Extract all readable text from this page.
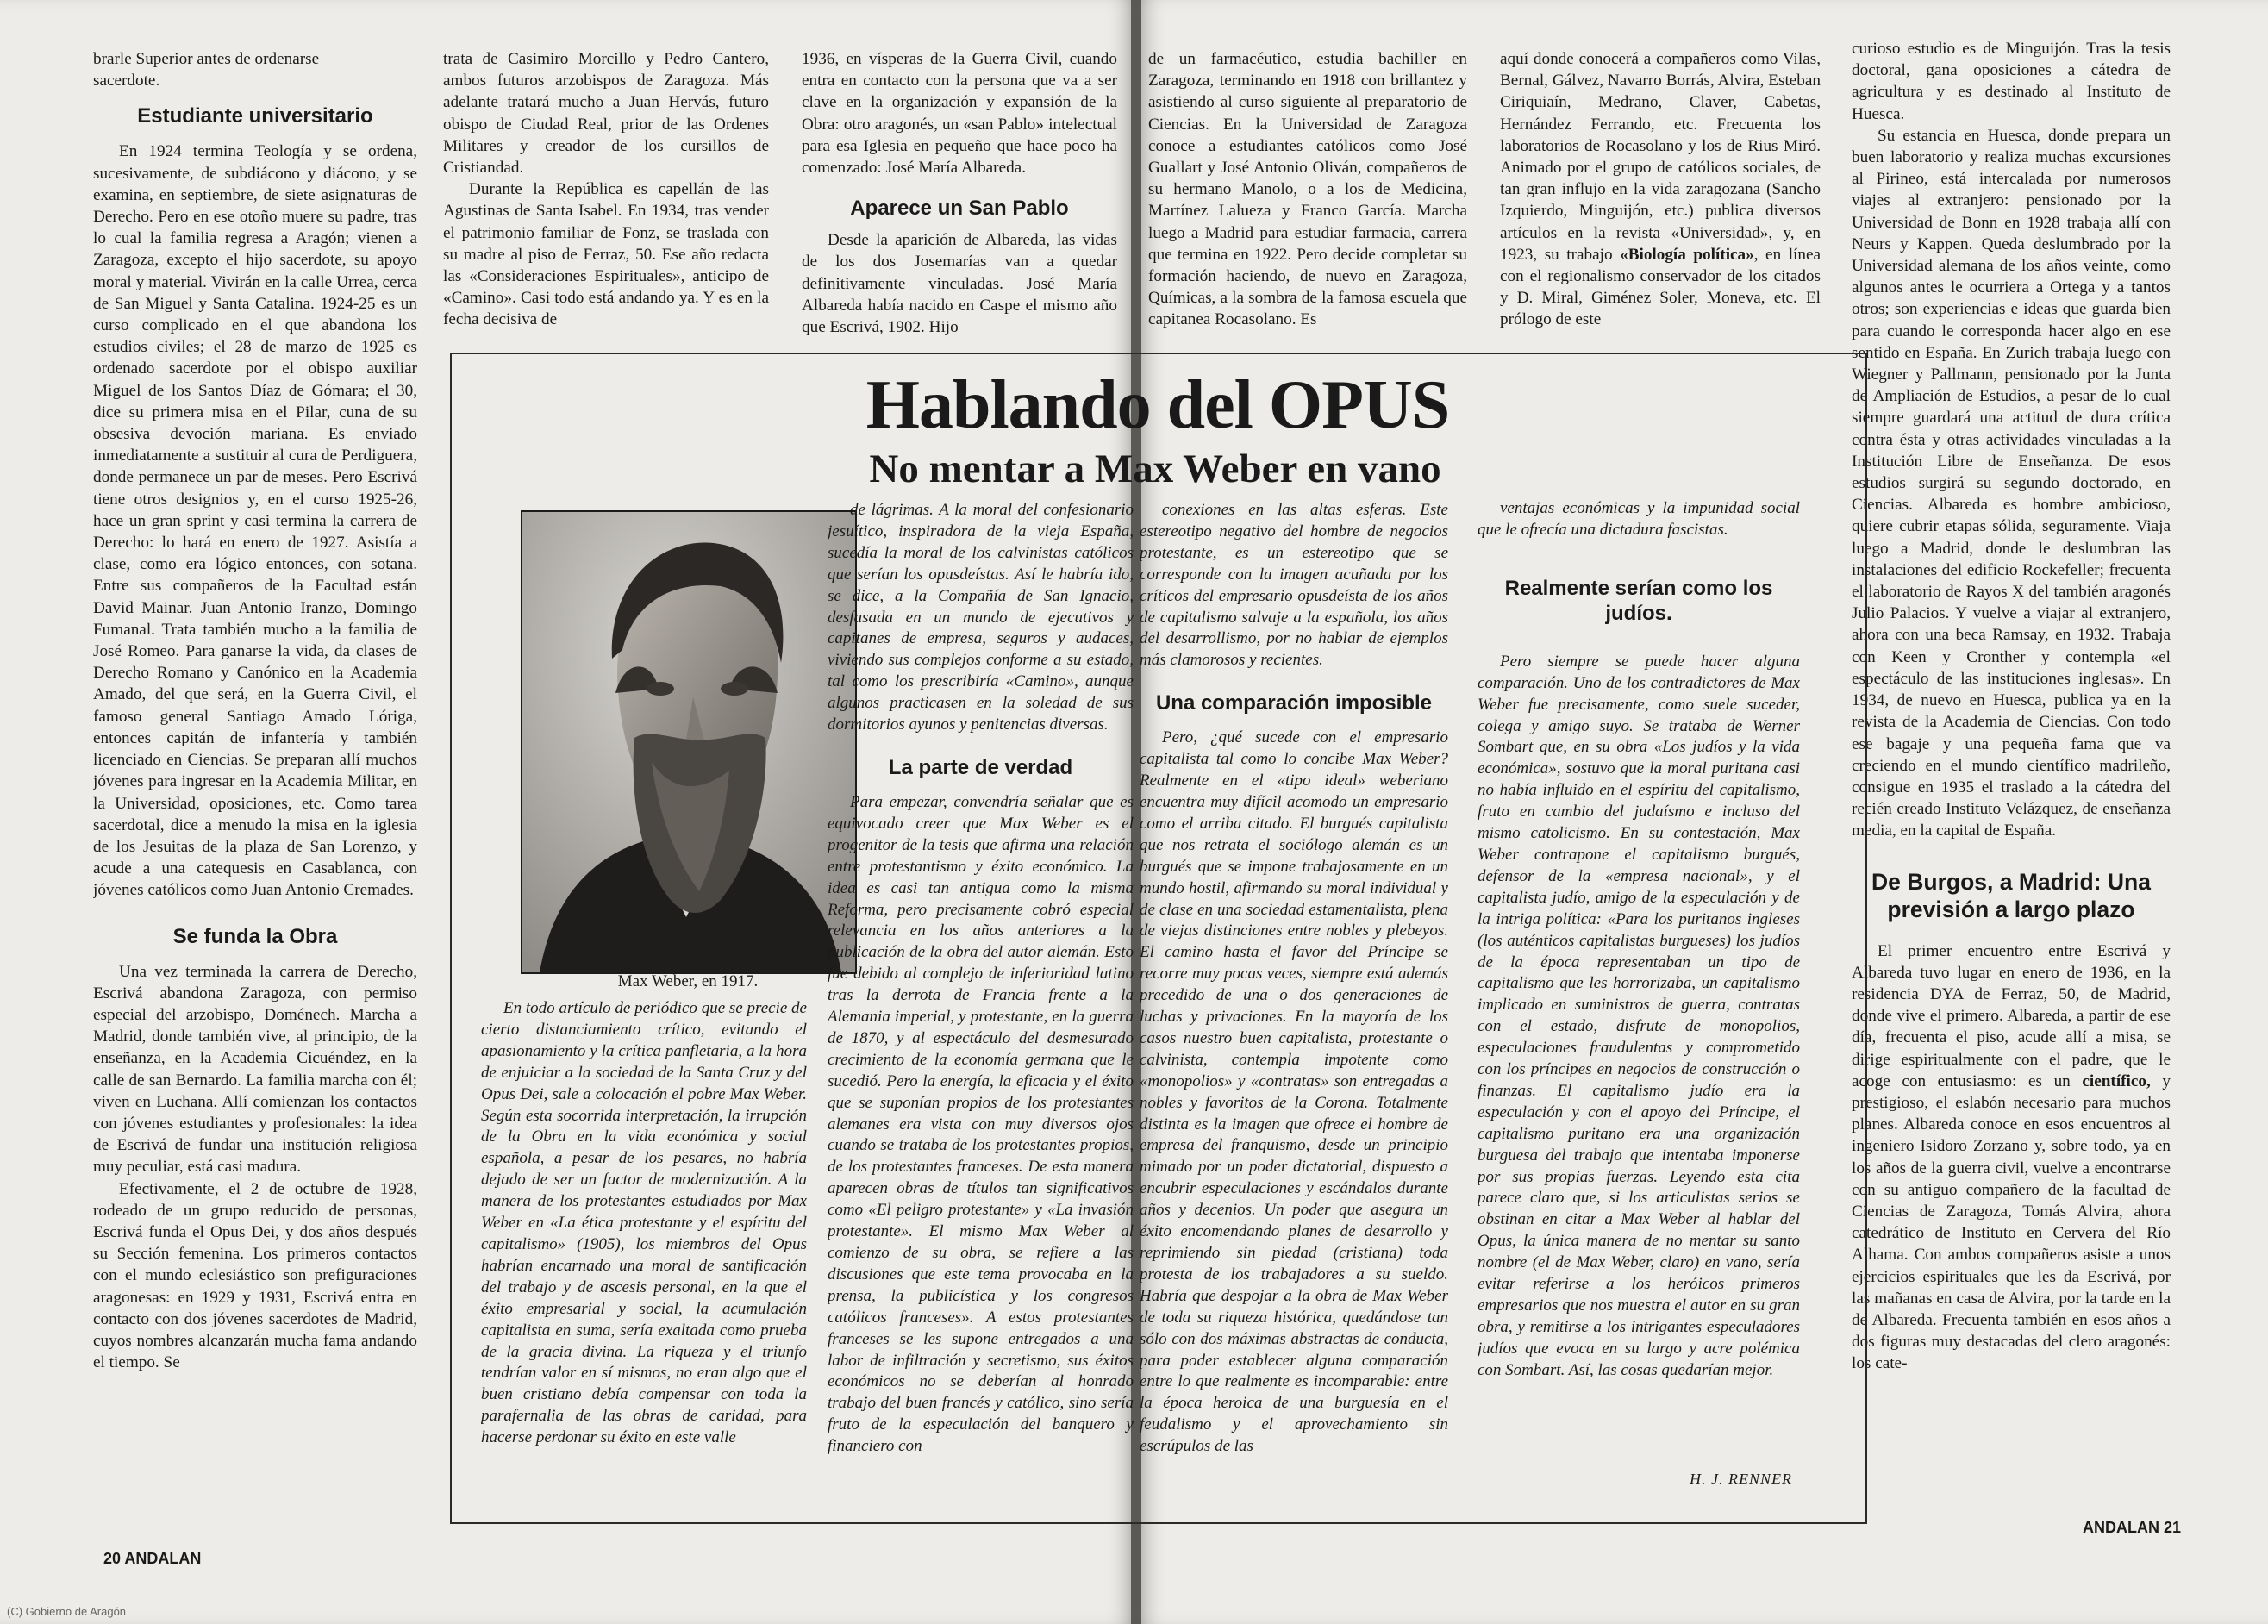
brarle Superior antes de ordenarse

sacerdote.

Estudiante universitario

En 1924 termina Teología y se ordena, sucesivamente, de subdiácono y diácono, y se examina, en septiembre, de siete asignaturas de Derecho. Pero en ese otoño muere su padre, tras lo cual la familia regresa a Aragón; vienen a Zaragoza, excepto el hijo sacerdote, su apoyo moral y material. Vivirán en la calle Urrea, cerca de San Miguel y Santa Catalina. 1924-25 es un curso complicado en el que abandona los estudios civiles; el 28 de marzo de 1925 es ordenado sacerdote por el obispo auxiliar Miguel de los Santos Díaz de Gómara; el 30, dice su primera misa en el Pilar, cuna de su obsesiva devoción mariana. Es enviado inmediatamente a sustituir al cura de Perdiguera, donde permanece un par de meses. Pero Escrivá tiene otros designios y, en el curso 1925-26, hace un gran sprint y casi termina la carrera de Derecho: lo hará en enero de 1927. Asistía a clase, como era lógico entonces, con sotana. Entre sus compañeros de la Facultad están David Mainar. Juan Antonio Iranzo, Domingo Fumanal. Trata también mucho a la familia de José Romeo. Para ganarse la vida, da clases de Derecho Romano y Canónico en la Academia Amado, del que será, en la Guerra Civil, el famoso general Santiago Amado Lóriga, entonces capitán de infantería y también licenciado en Ciencias. Se preparan allí muchos jóvenes para ingresar en la Academia Militar, en la Universidad, oposiciones, etc. Como tarea sacerdotal, dice a menudo la misa en la iglesia de los Jesuitas de la plaza de San Lorenzo, y acude a una catequesis en Casablanca, con jóvenes católicos como Juan Antonio Cremades.

Se funda la Obra

Una vez terminada la carrera de Derecho, Escrivá abandona Zaragoza, con permiso especial del arzobispo, Doménech. Marcha a Madrid, donde también vive, al principio, de la enseñanza, en la Academia Cicuéndez, en la calle de san Bernardo. La familia marcha con él; viven en Luchana. Allí comienzan los contactos con jóvenes estudiantes y profesionales: la idea de Escrivá de fundar una institución religiosa muy peculiar, está casi madura.

Efectivamente, el 2 de octubre de 1928, rodeado de un grupo reducido de personas, Escrivá funda el Opus Dei, y dos años después su Sección femenina. Los primeros contactos con el mundo eclesiástico son prefiguraciones aragonesas: en 1929 y 1931, Escrivá entra en contacto con dos jóvenes sacerdotes de Madrid, cuyos nombres alcanzarán mucha fama andando el tiempo. Se

trata de Casimiro Morcillo y Pedro Cantero, ambos futuros arzobispos de Zaragoza. Más adelante tratará mucho a Juan Hervás, futuro obispo de Ciudad Real, prior de las Ordenes Militares y creador de los cursillos de Cristiandad.

Durante la República es capellán de las Agustinas de Santa Isabel. En 1934, tras vender el patrimonio familiar de Fonz, se traslada con su madre al piso de Ferraz, 50. Ese año redacta las «Consideraciones Espirituales», anticipo de «Camino». Casi todo está andando ya. Y es en la fecha decisiva de

1936, en vísperas de la Guerra Civil, cuando entra en contacto con la persona que va a ser clave en la organización y expansión de la Obra: otro aragonés, un «san Pablo» intelectual para esa Iglesia en pequeño que hace poco ha comenzado: José María Albareda.

Aparece un San Pablo

Desde la aparición de Albareda, las vidas de los dos Josemarías van a quedar definitivamente vinculadas. José María Albareda había nacido en Caspe el mismo año que Escrivá, 1902. Hijo

de un farmacéutico, estudia bachiller en Zaragoza, terminando en 1918 con brillantez y asistiendo al curso siguiente al preparatorio de Ciencias. En la Universidad de Zaragoza conoce a estudiantes católicos como José Guallart y José Antonio Oliván, compañeros de su hermano Manolo, o a los de Medicina, Martínez Lalueza y Franco García. Marcha luego a Madrid para estudiar farmacia, carrera que termina en 1922. Pero decide completar su formación haciendo, de nuevo en Zaragoza, Químicas, a la sombra de la famosa escuela que capitanea Rocasolano. Es

aquí donde conocerá a compañeros como Vilas, Bernal, Gálvez, Navarro Borrás, Alvira, Esteban Ciriquiaín, Medrano, Claver, Cabetas, Hernández Ferrando, etc. Frecuenta los laboratorios de Rocasolano y los de Rius Miró. Animado por el grupo de católicos sociales, de tan gran influjo en la vida zaragozana (Sancho Izquierdo, Minguijón, etc.) publica diversos artículos en la revista «Universidad», y, en 1923, su trabajo «Biología política», en línea con el regionalismo conservador de los citados y D. Miral, Giménez Soler, Moneva, etc. El prólogo de este

curioso estudio es de Minguijón. Tras la tesis doctoral, gana oposiciones a cátedra de agricultura y es destinado al Instituto de Huesca.

Su estancia en Huesca, donde prepara un buen laboratorio y realiza muchas excursiones al Pirineo, está intercalada por numerosos viajes al extranjero: pensionado por la Universidad de Bonn en 1928 trabaja allí con Neurs y Kappen. Queda deslumbrado por la Universidad alemana de los años veinte, como algunos antes le ocurriera a Ortega y a tantos otros; son experiencias e ideas que guarda bien para cuando le corresponda hacer algo en ese sentido en España. En Zurich trabaja luego con Wiegner y Pallmann, pensionado por la Junta de Ampliación de Estudios, a pesar de lo cual siempre guardará una actitud de dura crítica contra ésta y otras actividades vinculadas a la Institución Libre de Enseñanza. De esos estudios surgirá su segundo doctorado, en Ciencias. Albareda es hombre ambicioso, quiere cubrir etapas sólida, seguramente. Viaja luego a Madrid, donde le deslumbran las instalaciones del edificio Rockefeller; frecuenta el laboratorio de Rayos X del también aragonés Julio Palacios. Y vuelve a viajar al extranjero, ahora con una beca Ramsay, en 1932. Trabaja con Keen y Cronther y contempla «el espectáculo de las instituciones inglesas». En 1934, de nuevo en Huesca, publica ya en la revista de la Academia de Ciencias. Con todo ese bagaje y una pequeña fama que va creciendo en el mundo científico madrileño, consigue en 1935 el traslado a la cátedra del recién creado Instituto Velázquez, de enseñanza media, en la capital de España.

De Burgos, a Madrid: Una previsión a largo plazo

El primer encuentro entre Escrivá y Albareda tuvo lugar en enero de 1936, en la residencia DYA de Ferraz, 50, de Madrid, donde vive el primero. Albareda, a partir de ese día, frecuenta el piso, acude allí a misa, se dirige espiritualmente con el padre, que le acoge con entusiasmo: es un científico, y prestigioso, el eslabón necesario para muchos planes. Albareda conoce en esos encuentros al ingeniero Isidoro Zorzano y, sobre todo, ya en los años de la guerra civil, vuelve a encontrarse con su antiguo compañero de la facultad de Ciencias de Zaragoza, Tomás Alvira, ahora catedrático de Instituto en Cervera del Río Alhama. Con ambos compañeros asiste a unos ejercicios espirituales que les da Escrivá, por las mañanas en casa de Alvira, por la tarde en la de Albareda. Frecuenta también en esos años a dos figuras muy destacadas del clero aragonés: los cate-

Hablando del OPUS
No mentar a Max Weber en vano
Max Weber, en 1917.

En todo artículo de periódico que se precie de cierto distanciamiento crítico, evitando el apasionamiento y la crítica panfletaria, a la hora de enjuiciar a la sociedad de la Santa Cruz y del Opus Dei, sale a colocación el pobre Max Weber. Según esta socorrida interpretación, la irrupción de la Obra en la vida económica y social española, a pesar de los pesares, no habría dejado de ser un factor de modernización. A la manera de los protestantes estudiados por Max Weber en «La ética protestante y el espíritu del capitalismo» (1905), los miembros del Opus habrían encarnado una moral de santificación del trabajo y de ascesis personal, en la que el éxito empresarial y social, la acumulación capitalista en suma, sería exaltada como prueba de la gracia divina. La riqueza y el triunfo tendrían valor en sí mismos, no eran algo que el buen cristiano debía compensar con toda la parafernalia de las obras de caridad, para hacerse perdonar su éxito en este valle

de lágrimas. A la moral del confesionario jesuítico, inspiradora de la vieja España, sucedía la moral de los calvinistas católicos que serían los opusdeístas. Así le habría ido, se dice, a la Compañía de San Ignacio, desfasada en un mundo de ejecutivos y capitanes de empresa, seguros y audaces, viviendo sus complejos conforme a su estado, tal como los prescribiría «Camino», aunque algunos practicasen en la soledad de sus dormitorios ayunos y penitencias diversas.

La parte de verdad

Para empezar, convendría señalar que es equivocado creer que Max Weber es el progenitor de la tesis que afirma una relación entre protestantismo y éxito económico. La idea es casi tan antigua como la misma Reforma, pero precisamente cobró especial relevancia en los años anteriores a la publicación de la obra del autor alemán. Esto fue debido al complejo de inferioridad latino tras la derrota de Francia frente a la Alemania imperial, y protestante, en la guerra de 1870, y al espectáculo del desmesurado crecimiento de la economía germana que le sucedió. Pero la energía, la eficacia y el éxito que se suponían propios de los protestantes alemanes era vista con muy diversos ojos cuando se trataba de los protestantes propios, de los protestantes franceses. De esta manera aparecen obras de títulos tan significativos como «El peligro protestante» y «La invasión protestante». El mismo Max Weber al comienzo de su obra, se refiere a las discusiones que este tema provocaba en la prensa, la publicística y los congresos católicos franceses». A estos protestantes franceses se les supone entregados a una labor de infiltración y secretismo, sus éxitos económicos no se deberían al honrado trabajo del buen francés y católico, sino sería fruto de la especulación del banquero y financiero con

conexiones en las altas esferas. Este estereotipo negativo del hombre de negocios protestante, es un estereotipo que se corresponde con la imagen acuñada por los críticos del empresario opusdeísta de los años de capitalismo salvaje a la española, los años del desarrollismo, por no hablar de ejemplos más clamorosos y recientes.

Una comparación imposible

Pero, ¿qué sucede con el empresario capitalista tal como lo concibe Max Weber? Realmente en el «tipo ideal» weberiano encuentra muy difícil acomodo un empresario como el arriba citado. El burgués capitalista que nos retrata el sociólogo alemán es un burgués que se impone trabajosamente en un mundo hostil, afirmando su moral individual y de clase en una sociedad estamentalista, plena de viejas distinciones entre nobles y plebeyos. El camino hasta el favor del Príncipe se recorre muy pocas veces, siempre está además precedido de una o dos generaciones de luchas y privaciones. En la mayoría de los casos nuestro buen capitalista, protestante o calvinista, contempla impotente como «monopolios» y «contratas» son entregadas a nobles y favoritos de la Corona. Totalmente distinta es la imagen que ofrece el hombre de empresa del franquismo, desde un principio mimado por un poder dictatorial, dispuesto a encubrir especulaciones y escándalos durante años y decenios. Un poder que asegura un éxito encomendando planes de desarrollo y reprimiendo sin piedad (cristiana) toda protesta de los trabajadores a su sueldo. Habría que despojar a la obra de Max Weber de toda su riqueza histórica, quedándose tan sólo con dos máximas abstractas de conducta, para poder establecer alguna comparación entre lo que realmente es incomparable: entre la época heroica de una burguesía en el feudalismo y el aprovechamiento sin escrúpulos de las

ventajas económicas y la impunidad social que le ofrecía una dictadura fascistas.

Realmente serían como los judíos.

Pero siempre se puede hacer alguna comparación. Uno de los contradictores de Max Weber fue precisamente, como suele suceder, colega y amigo suyo. Se trataba de Werner Sombart que, en su obra «Los judíos y la vida económica», sostuvo que la moral puritana casi no había influido en el espíritu del capitalismo, fruto en cambio del judaísmo e incluso del mismo catolicismo. En su contestación, Max Weber contrapone el capitalismo burgués, defensor de la «empresa nacional», y el capitalista judío, amigo de la especulación y de la intriga política: «Para los puritanos ingleses (los auténticos capitalistas burgueses) los judíos de la época representaban un tipo de capitalismo que les horrorizaba, un capitalismo implicado en suministros de guerra, contratas con el estado, disfrute de monopolios, especulaciones fraudulentas y comprometido con los príncipes en negocios de construcción o finanzas. El capitalismo judío era la especulación y con el apoyo del Príncipe, el capitalismo puritano era una organización burguesa del trabajo que intentaba imponerse por sus propias fuerzas. Leyendo esta cita parece claro que, si los articulistas serios se obstinan en citar a Max Weber al hablar del Opus, la única manera de no mentar su santo nombre (el de Max Weber, claro) en vano, sería evitar referirse a los heróicos primeros empresarios que nos muestra el autor en su gran obra, y remitirse a los intrigantes especuladores judíos que evoca en su largo y acre polémica con Sombart. Así, las cosas quedarían mejor.

H. J. RENNER
20 ANDALAN
ANDALAN 21
(C) Gobierno de Aragón
